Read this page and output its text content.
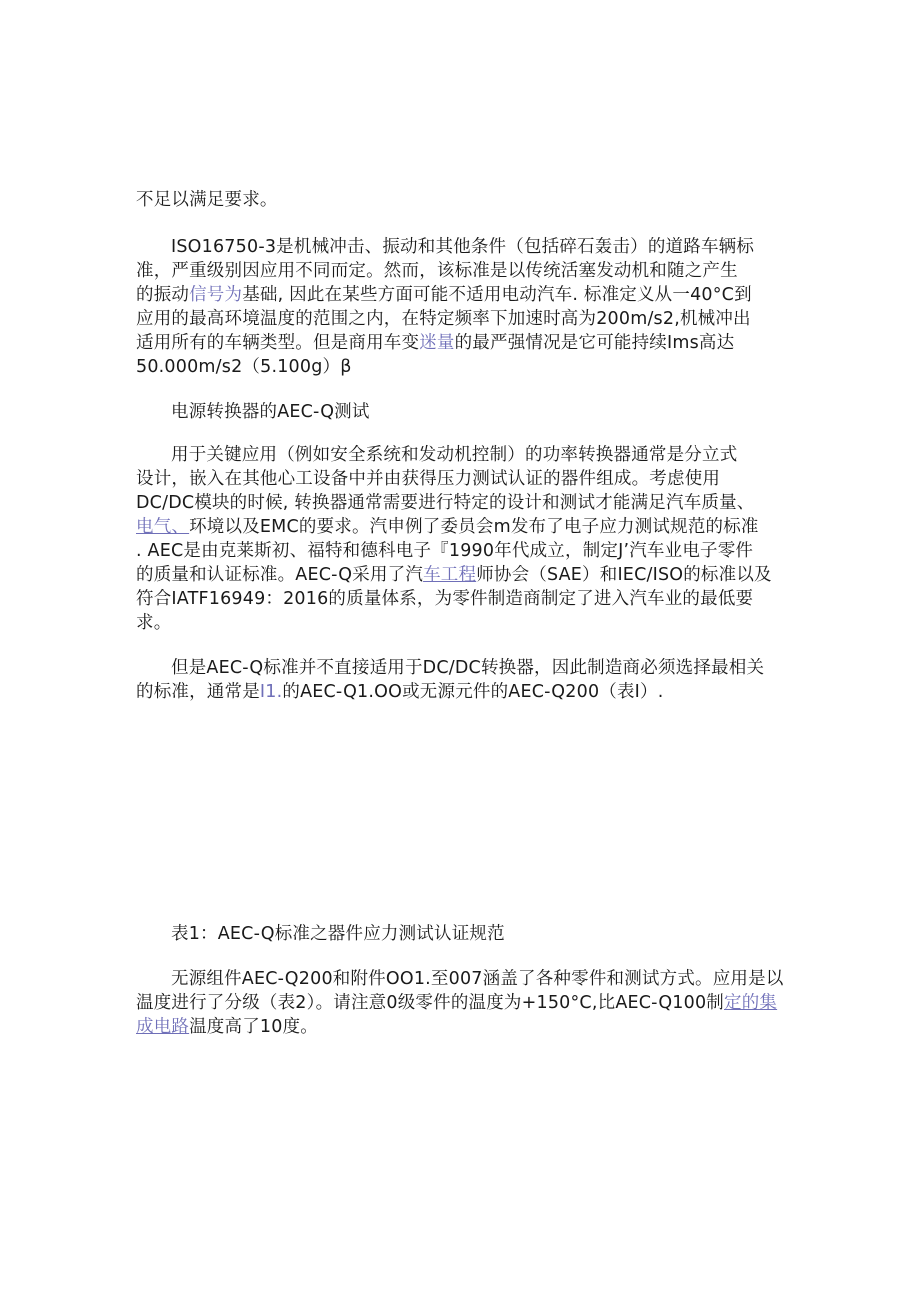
不足以满足要求。
ISO16750-3是机械冲击、振动和其他条件（包括碎石轰击）的道路车辆标
准，严重级别因应用不同而定。然而，该标准是以传统活塞发动机和随之产生
的振动信号为基础, 因此在某些方面可能不适用电动汽车. 标准定义从一40°C到
应用的最高环境温度的范围之内，在特定频率下加速时高为200m/s2,机械冲出
适用所有的车辆类型。但是商用车变迷量的最严强情况是它可能持续Ims高达
50.000m/s2（5.100g）β
电源转换器的AEC-Q测试
用于关键应用（例如安全系统和发动机控制）的功率转换器通常是分立式
设计，嵌入在其他心工设备中并由获得压力测试认证的器件组成。考虑使用
DC/DC模块的时候, 转换器通常需要进行特定的设计和测试才能满足汽车质量、
电气、环境以及EMC的要求。汽申例了委员会m发布了电子应力测试规范的标准
. AEC是由克莱斯初、福特和德科电子『1990年代成立，制定J’汽车业电子零件
的质量和认证标准。AEC-Q采用了汽车工程师协会（SAE）和IEC/ISO的标准以及
符合IATF16949：2016的质量体系，为零件制造商制定了进入汽车业的最低要
求。
但是AEC-Q标准并不直接适用于DC/DC转换器，因此制造商必须选择最相关
的标准，通常是I1.的AEC-Q1.OO或无源元件的AEC-Q200（表I）.
表1：AEC-Q标准之器件应力测试认证规范
无源组件AEC-Q200和附件OO1.至007涵盖了各种零件和测试方式。应用是以
温度进行了分级（表2）。请注意0级零件的温度为+150°C,比AEC-Q100制定的集
成电路温度高了10度。
